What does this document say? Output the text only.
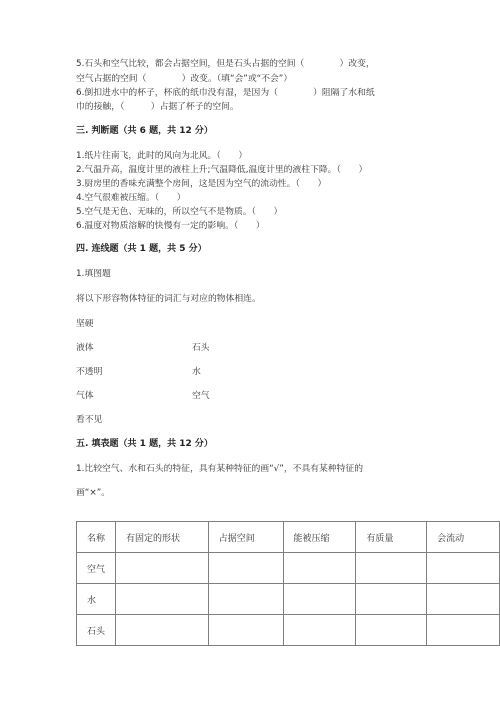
5.石头和空气比较，都会占据空间，但是石头占据的空间（　　　　）改变，
空气占据的空间（　　　　）改变。（填“会”或“不会”）
6.倒扣进水中的杯子，杯底的纸巾没有湿，是因为（　　　　）阻隔了水和纸
巾的接触，（　　　）占据了杯子的空间。
三. 判断题（共 6 题，共 12 分）
1.纸片往南飞，此时的风向为北风。（　　）
2.气温升高，温度计里的液柱上升;气温降低,温度计里的液柱下降。（　　）
3.厨房里的香味充满整个房间，这是因为空气的流动性。（　　）
4.空气很难被压缩。（　　）
5.空气是无色、无味的，所以空气不是物质。（　　）
6.温度对物质溶解的快慢有一定的影响。（　　）
四. 连线题（共 1 题，共 5 分）
1.填图题
将以下形容物体特征的词汇与对应的物体相连。
坚硬
液体	石头
不透明	水
气体	空气
看不见
五. 填表题（共 1 题，共 12 分）
1.比较空气、水和石头的特征，具有某种特征的画“√”，不具有某种特征的
画“×”。
名称	有固定的形状	占据空间	能被压缩	有质量	会流动
空气					
水					
石头					
